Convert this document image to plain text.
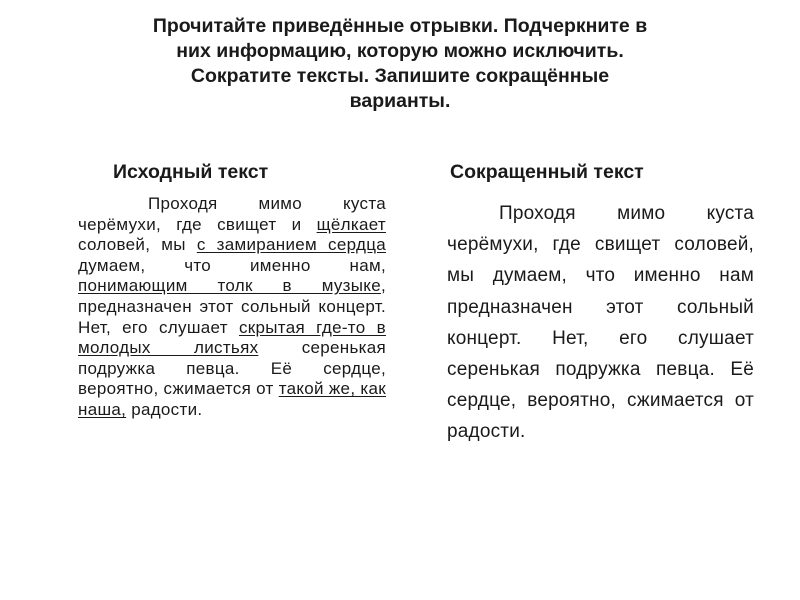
Прочитайте приведённые отрывки. Подчеркните в
них информацию, которую можно исключить.
Сократите тексты. Запишите сокращённые
варианты.
Исходный текст	Сокращенный текст

Проходя мимо куста черёмухи, где свищет и щёлкает соловей, мы с замиранием сердца думаем, что именно нам, понимающим толк в музыке, предназначен этот сольный концерт. Нет, его слушает скрытая где-то в молодых листьях серенькая подружка певца. Её сердце, вероятно, сжимается от такой же, как наша, радости.

Проходя мимо куста черёмухи, где свищет соловей, мы думаем, что именно нам предназначен этот сольный концерт. Нет, его слушает серенькая подружка певца. Её сердце, вероятно, сжимается от радости.
